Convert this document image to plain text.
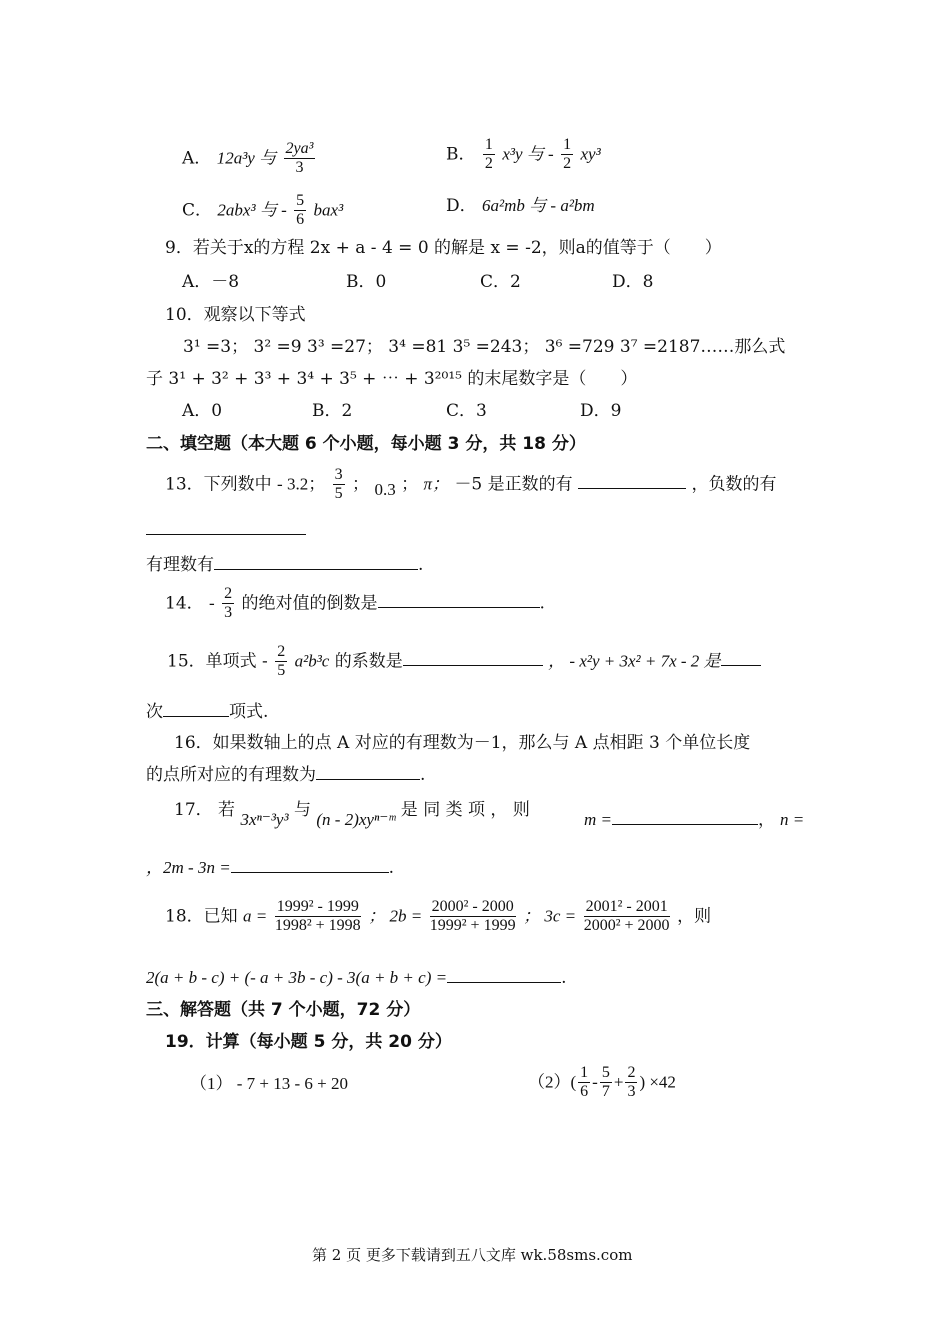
A． 12a³y 与 $\frac{\text{2ya³}}{3}$	B． $\frac{1}{2} x^3y$ 与 - $\frac{1}{2} xy^3$
C． 2abx³ 与 - $\frac{5}{6} bax^3$	D． 6a²mb 与 - a²bm
9．若关于x的方程 2x + a - 4 = 0 的解是 x = -2，则a的值等于（　　）
A．－8	B．0	C．2	D．8
10．观察以下等式
3¹ =3； 3² =9 3³ =27； 3⁴ =81 3⁵ =243； 3⁶ =729 3⁷ =2187……那么式
子 3¹ + 3² + 3³ + 3⁴ + 3⁵ + ⋯ + 3²⁰¹⁵ 的末尾数字是（　　）
A．0	B．2	C．3	D．9
二、填空题（本大题 6 个小题，每小题 3 分，共 18 分）
13．下列数中 - 3.2； $\frac{3}{5}$ ； 0.3 ； π； －5 是正数的有	，负数的有
有理数有	.
14． - $\frac{2}{3}$ 的绝对值的倒数是	.
15．单项式 - $\frac{2}{5} a^2b^3c$ 的系数是	， - x²y + 3x² + 7x - 2 是
次	项式.
16．如果数轴上的点 A 对应的有理数为－1，那么与 A 点相距 3 个单位长度
的点所对应的有理数为	.
17． 若 3xⁿ⁻³y³ 与 (n - 2)xyⁿ⁻ᵐ 是 同 类 项 ， 则	m =	， n =
，2m - 3n =	.
18．已知 $a = \frac{\text{1999² - 1999}}{\text{1998² + 1998}}$ ； $2b = \frac{\text{2000² - 2000}}{\text{1999² + 1999}}$ ； $3c = \frac{\text{2001² - 2001}}{\text{2000² + 2000}}$ ，则
2(a + b - c) + (- a + 3b - c) - 3(a + b + c) =	.
三、解答题（共 7 个小题，72 分）
19．计算（每小题 5 分，共 20 分）
（1） - 7 + 13 - 6 + 20	$(2)( \frac{1}{6} - \frac{5}{7} + \frac{2}{3}$ ) ×42
第 2 页 更多下载请到五八文库 wk.58sms.com
